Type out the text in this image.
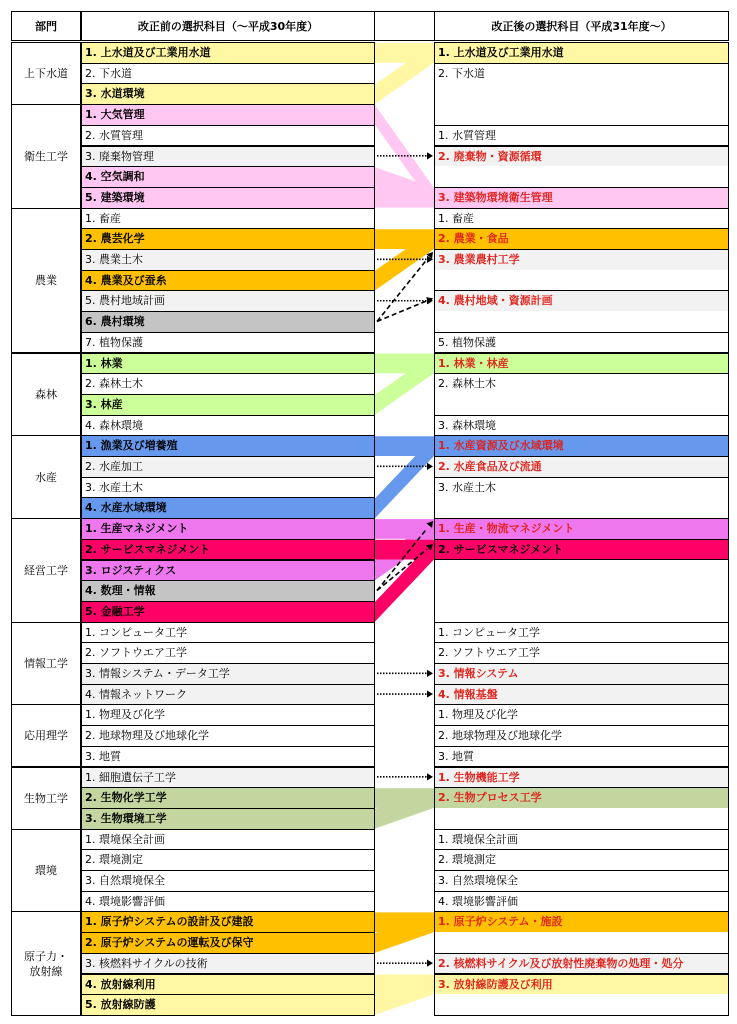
部門	改正前の選択科目（～平成30年度）	改正後の選択科目（平成31年度～）
上下水道
1. 上水道及び工業用水道	1. 上水道及び工業用水道
2. 下水道	2. 下水道
3. 水道環境
衛生工学
1. 大気管理
2. 水質管理	1. 水質管理
3. 廃棄物管理	2. 廃棄物・資源循環
4. 空気調和
5. 建築環境	3. 建築物環境衛生管理
農業
1. 畜産	1. 畜産
2. 農芸化学	2. 農業・食品
3. 農業土木	3. 農業農村工学
4. 農業及び蚕糸
5. 農村地域計画	4. 農村地域・資源計画
6. 農村環境
7. 植物保護	5. 植物保護
森林
1. 林業	1. 林業・林産
2. 森林土木	2. 森林土木
3. 林産
4. 森林環境	3. 森林環境
水産
1. 漁業及び増養殖	1. 水産資源及び水域環境
2. 水産加工	2. 水産食品及び流通
3. 水産土木	3. 水産土木
4. 水産水域環境
経営工学
1. 生産マネジメント	1. 生産・物流マネジメント
2. サービスマネジメント	2. サービスマネジメント
3. ロジスティクス
4. 数理・情報
5. 金融工学
情報工学
1. コンピュータ工学	1. コンピュータ工学
2. ソフトウエア工学	2. ソフトウエア工学
3. 情報システム・データ工学	3. 情報システム
4. 情報ネットワーク	4. 情報基盤
応用理学
1. 物理及び化学	1. 物理及び化学
2. 地球物理及び地球化学	2. 地球物理及び地球化学
3. 地質	3. 地質
生物工学
1. 細胞遺伝子工学	1. 生物機能工学
2. 生物化学工学	2. 生物プロセス工学
3. 生物環境工学
環境
1. 環境保全計画	1. 環境保全計画
2. 環境測定	2. 環境測定
3. 自然環境保全	3. 自然環境保全
4. 環境影響評価	4. 環境影響評価
原子力・
放射線
1. 原子炉システムの設計及び建設	1. 原子炉システム・施設
2. 原子炉システムの運転及び保守
3. 核燃料サイクルの技術	2. 核燃料サイクル及び放射性廃棄物の処理・処分
4. 放射線利用	3. 放射線防護及び利用
5. 放射線防護
